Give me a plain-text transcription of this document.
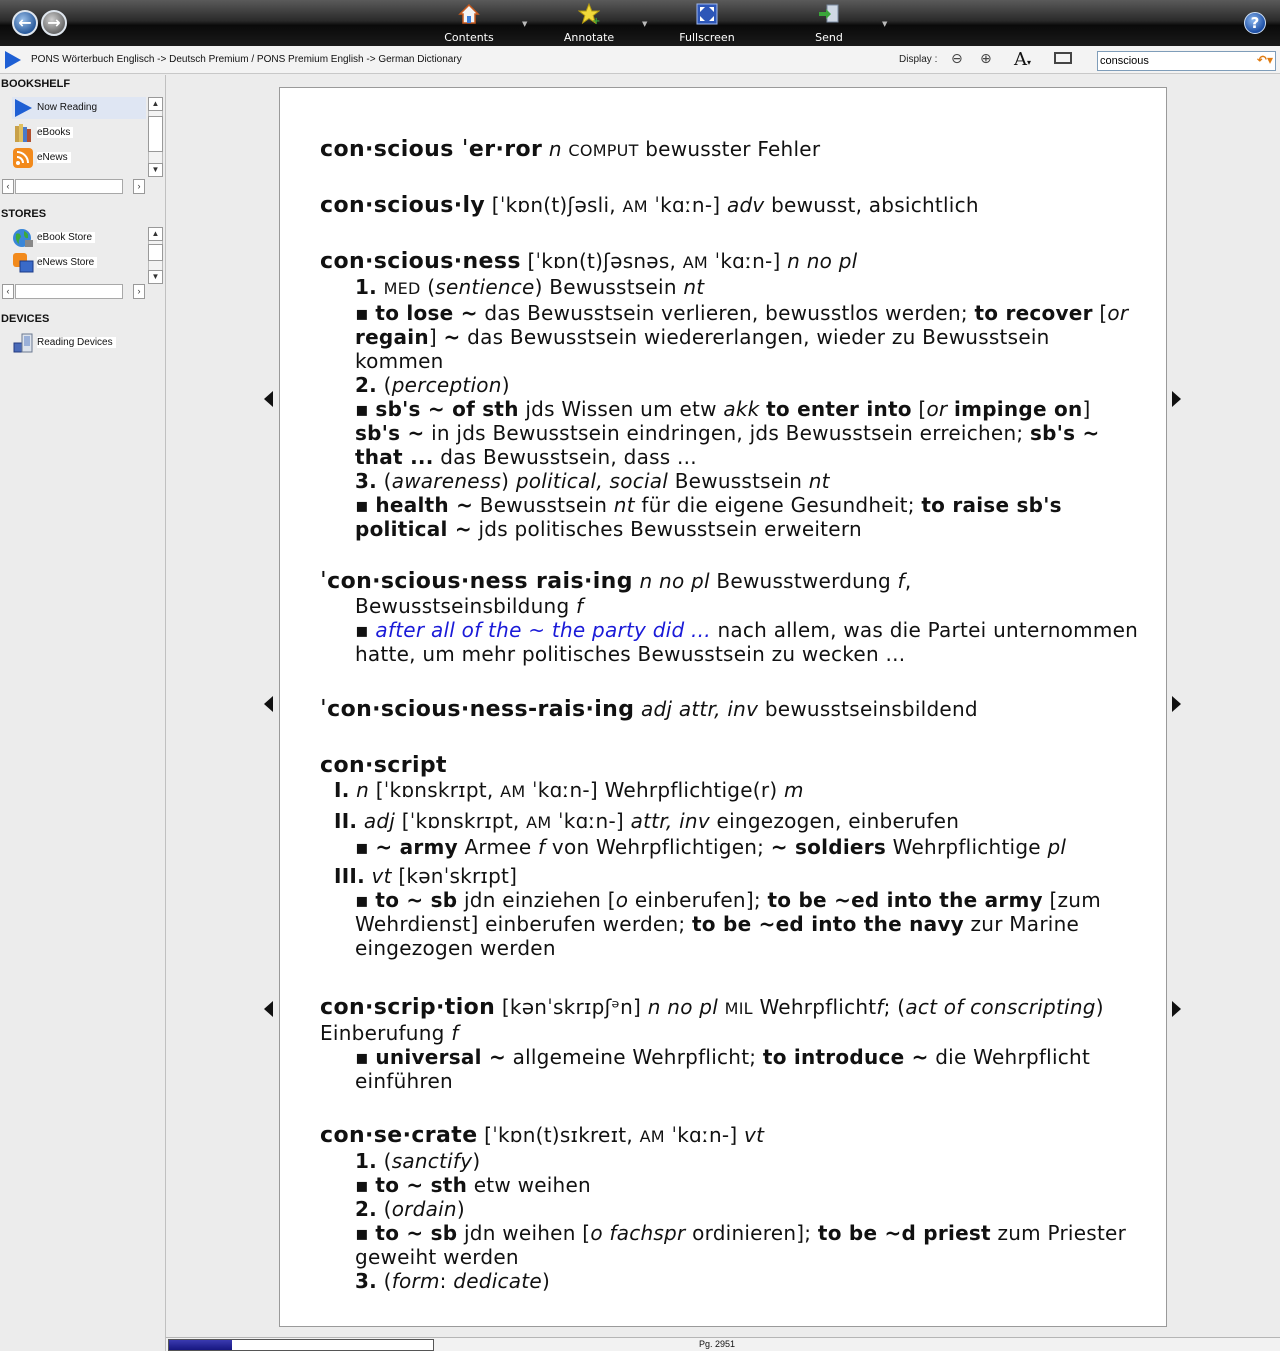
← →
Contents
▼	+
Annotate
▼
Fullscreen	Send
▼	?
PONS Wörterbuch Englisch -> Deutsch Premium / PONS Premium English -> German Dictionary	Display : ⊖ ⊕ A▾
conscious	↶▾
BOOKSHELF
Now Reading
eBooks
eNews
▲
▼
‹	›
STORES
eBook Store
eNews Store
▲
▼
‹	›
DEVICES
Reading Devices
con·scious ˈer·ror n COMPUT bewusster Fehler
con·scious·ly [ˈkɒn(t)ʃəsli, AM ˈkɑːn-] adv bewusst, absichtlich
con·scious·ness [ˈkɒn(t)ʃəsnəs, AM ˈkɑːn-] n no pl
1. MED (sentience) Bewusstsein nt
▪ to lose ~ das Bewusstsein verlieren, bewusstlos werden; to recover [or regain] ~ das Bewusstsein wiedererlangen, wieder zu Bewusstsein kommen
2. (perception)
▪ sb's ~ of sth jds Wissen um etw akk to enter into [or impinge on] sb's ~ in jds Bewusstsein eindringen, jds Bewusstsein erreichen; sb's ~ that ... das Bewusstsein, dass ...
3. (awareness) political, social Bewusstsein nt
▪ health ~ Bewusstsein nt für die eigene Gesundheit; to raise sb's political ~ jds politisches Bewusstsein erweitern
ˈcon·scious·ness rais·ing n no pl Bewusstwerdung f,
Bewusstseinsbildung f
▪ after all of the ~ the party did ... nach allem, was die Partei unternommen hatte, um mehr politisches Bewusstsein zu wecken ...
ˈcon·scious·ness-rais·ing adj attr, inv bewusstseinsbildend
con·script
I. n [ˈkɒnskrɪpt, AM ˈkɑːn-] Wehrpflichtige(r) m
II. adj [ˈkɒnskrɪpt, AM ˈkɑːn-] attr, inv eingezogen, einberufen
▪ ~ army Armee f von Wehrpflichtigen; ~ soldiers Wehrpflichtige pl
III. vt [kənˈskrɪpt]
▪ to ~ sb jdn einziehen [o einberufen]; to be ~ed into the army [zum Wehrdienst] einberufen werden; to be ~ed into the navy zur Marine eingezogen werden
con·scrip·tion [kənˈskrɪpʃᵊn] n no pl MIL Wehrpflichtf; (act of conscripting) Einberufung f
▪ universal ~ allgemeine Wehrpflicht; to introduce ~ die Wehrpflicht einführen
con·se·crate [ˈkɒn(t)sɪkreɪt, AM ˈkɑːn-] vt
1. (sanctify)
▪ to ~ sth etw weihen
2. (ordain)
▪ to ~ sb jdn weihen [o fachspr ordinieren]; to be ~d priest zum Priester geweiht werden
3. (form: dedicate)
Pg. 2951
